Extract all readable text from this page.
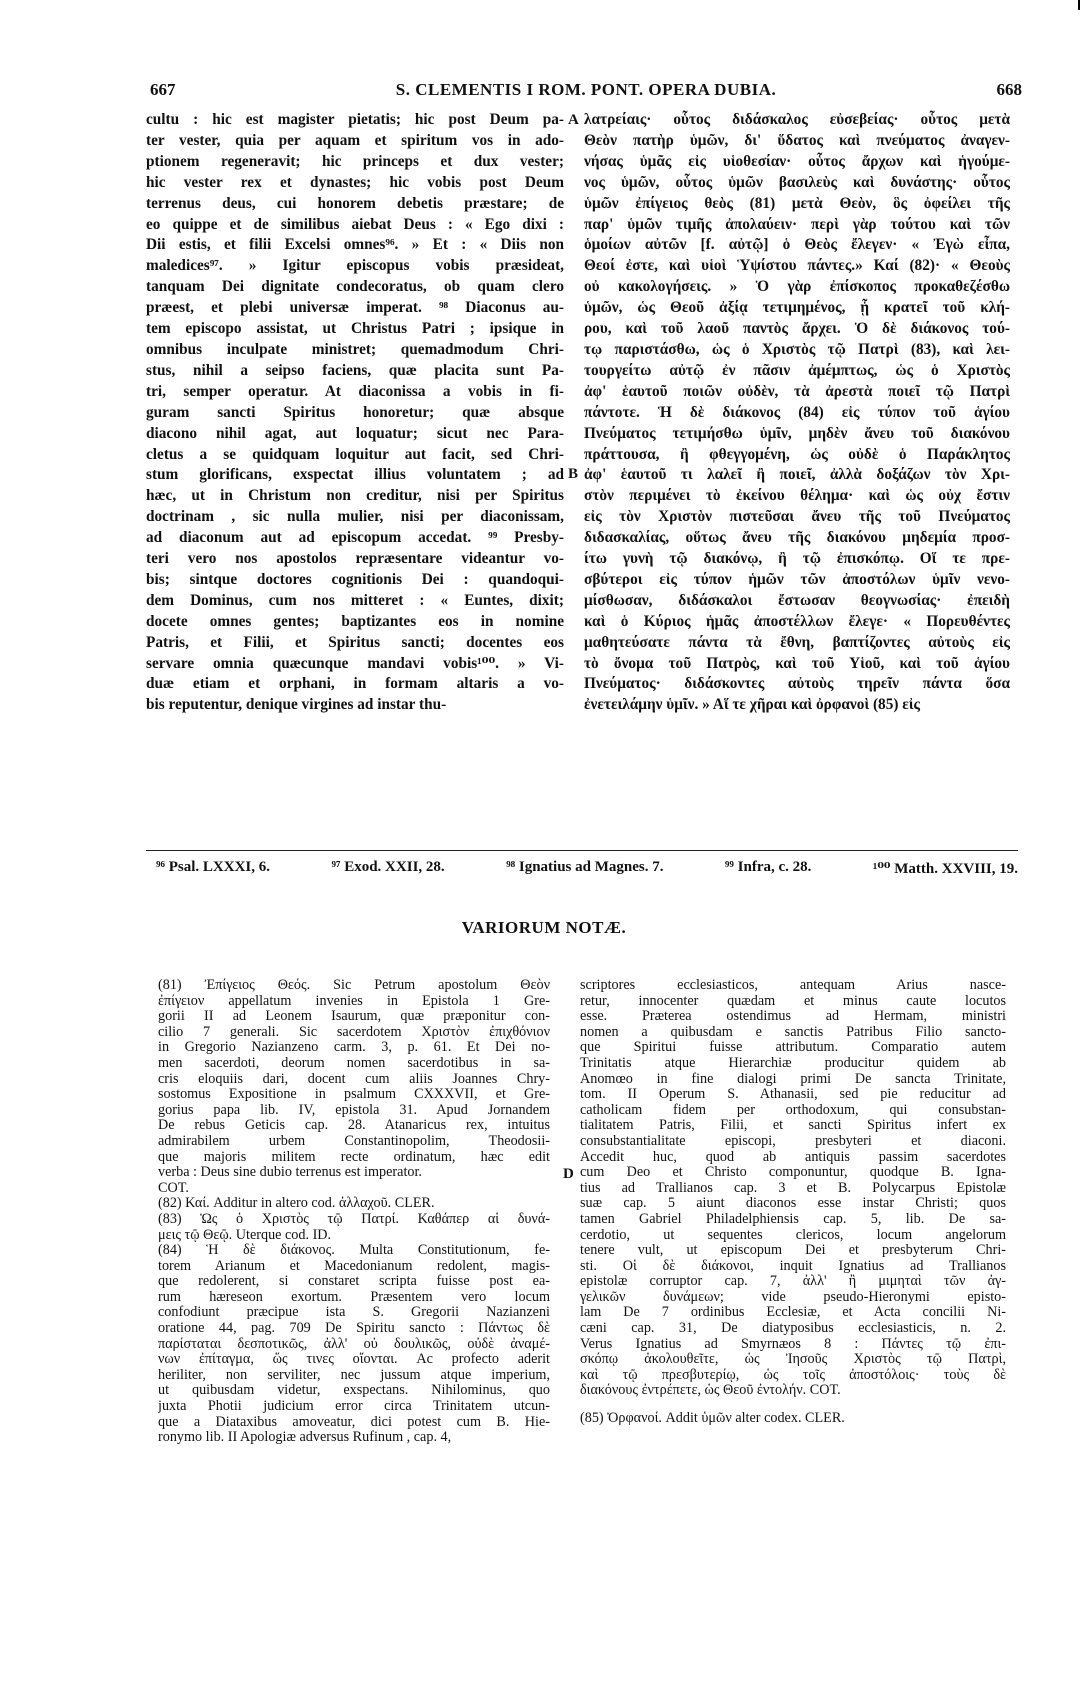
667	S. CLEMENTIS I ROM. PONT. OPERA DUBIA.	668
A
B
D
cultu : hic est magister pietatis; hic post Deum pa-
ter vester, quia per aquam et spiritum vos in ado-
ptionem regeneravit; hic princeps et dux vester;
hic vester rex et dynastes; hic vobis post Deum
terrenus deus, cui honorem debetis præstare; de
eo quippe et de similibus aiebat Deus : « Ego dixi :
Dii estis, et filii Excelsi omnes⁹⁶. » Et : « Diis non
maledices⁹⁷. » Igitur episcopus vobis præsideat,
tanquam Dei dignitate condecoratus, ob quam clero
præest, et plebi universæ imperat. ⁹⁸ Diaconus au-
tem episcopo assistat, ut Christus Patri ; ipsique in
omnibus inculpate ministret; quemadmodum Chri-
stus, nihil a seipso faciens, quæ placita sunt Pa-
tri, semper operatur. At diaconissa a vobis in fi-
guram sancti Spiritus honoretur; quæ absque
diacono nihil agat, aut loquatur; sicut nec Para-
cletus a se quidquam loquitur aut facit, sed Chri-
stum glorificans, exspectat illius voluntatem ; ad
hæc, ut in Christum non creditur, nisi per Spiritus
doctrinam , sic nulla mulier, nisi per diaconissam,
ad diaconum aut ad episcopum accedat. ⁹⁹ Presby-
teri vero nos apostolos repræsentare videantur vo-
bis; sintque doctores cognitionis Dei : quandoqui-
dem Dominus, cum nos mitteret : « Euntes, dixit;
docete omnes gentes; baptizantes eos in nomine
Patris, et Filii, et Spiritus sancti; docentes eos
servare omnia quæcunque mandavi vobis¹⁰⁰. » Vi-
duæ etiam et orphani, in formam altaris a vo-
bis reputentur, denique virgines ad instar thu-
λατρείαις· οὗτος διδάσκαλος εὐσεβείας· οὗτος μετὰ
Θεὸν πατὴρ ὑμῶν, δι' ὕδατος καὶ πνεύματος ἀναγεν-
νήσας ὑμᾶς εἰς υἱοθεσίαν· οὗτος ἄρχων καὶ ἡγούμε-
νος ὑμῶν, οὗτος ὑμῶν βασιλεὺς καὶ δυνάστης· οὗτος
ὑμῶν ἐπίγειος θεὸς (81) μετὰ Θεὸν, ὃς ὀφείλει τῆς
παρ' ὑμῶν τιμῆς ἀπολαύειν· περὶ γὰρ τούτου καὶ τῶν
ὁμοίων αὐτῶν [f. αὐτῷ] ὁ Θεὸς ἔλεγεν· « Ἐγὼ εἶπα,
Θεοί ἐστε, καὶ υἱοὶ Ὑψίστου πάντες.» Καί (82)· « Θεοὺς
οὐ κακολογήσεις. » Ὁ γὰρ ἐπίσκοπος προκαθεζέσθω
ὑμῶν, ὡς Θεοῦ ἀξίᾳ τετιμημένος, ᾗ κρατεῖ τοῦ κλή-
ρου, καὶ τοῦ λαοῦ παντὸς ἄρχει. Ὁ δὲ διάκονος τού-
τῳ παριστάσθω, ὡς ὁ Χριστὸς τῷ Πατρὶ (83), καὶ λει-
τουργείτω αὐτῷ ἐν πᾶσιν ἀμέμπτως, ὡς ὁ Χριστὸς
ἀφ' ἑαυτοῦ ποιῶν οὐδὲν, τὰ ἀρεστὰ ποιεῖ τῷ Πατρὶ
πάντοτε. Ἡ δὲ διάκονος (84) εἰς τύπον τοῦ ἁγίου
Πνεύματος τετιμήσθω ὑμῖν, μηδὲν ἄνευ τοῦ διακόνου
πράττουσα, ἢ φθεγγομένη, ὡς οὐδὲ ὁ Παράκλητος
ἀφ' ἑαυτοῦ τι λαλεῖ ἢ ποιεῖ, ἀλλὰ δοξάζων τὸν Χρι-
στὸν περιμένει τὸ ἐκείνου θέλημα· καὶ ὡς οὐχ ἔστιν
εἰς τὸν Χριστὸν πιστεῦσαι ἄνευ τῆς τοῦ Πνεύματος
διδασκαλίας, οὕτως ἄνευ τῆς διακόνου μηδεμία προσ-
ίτω γυνὴ τῷ διακόνῳ, ἢ τῷ ἐπισκόπῳ. Οἵ τε πρε-
σβύτεροι εἰς τύπον ἡμῶν τῶν ἀποστόλων ὑμῖν νενο-
μίσθωσαν, διδάσκαλοι ἔστωσαν θεογνωσίας· ἐπειδὴ
καὶ ὁ Κύριος ἡμᾶς ἀποστέλλων ἔλεγε· « Πορευθέντες
μαθητεύσατε πάντα τὰ ἔθνη, βαπτίζοντες αὐτοὺς εἰς
τὸ ὄνομα τοῦ Πατρὸς, καὶ τοῦ Υἱοῦ, καὶ τοῦ ἁγίου
Πνεύματος· διδάσκοντες αὐτοὺς τηρεῖν πάντα ὅσα
ἐνετειλάμην ὑμῖν. » Αἵ τε χῆραι καὶ ὀρφανοὶ (85) εἰς
⁹⁶ Psal. LXXXI, 6.	⁹⁷ Exod. XXII, 28.	⁹⁸ Ignatius ad Magnes. 7.	⁹⁹ Infra, c. 28.	¹⁰⁰ Matth. XXVIII, 19.
VARIORUM NOTÆ.
(81) Ἐπίγειος Θεός. Sic Petrum apostolum Θεὸν
ἐπίγειον appellatum invenies in Epistola 1 Gre-
gorii II ad Leonem Isaurum, quæ præponitur con-
cilio 7 generali. Sic sacerdotem Χριστὸν ἐπιχθόνιον
in Gregorio Nazianzeno carm. 3, p. 61. Et Dei no-
men sacerdoti, deorum nomen sacerdotibus in sa-
cris eloquiis dari, docent cum aliis Joannes Chry-
sostomus Expositione in psalmum CXXXVII, et Gre-
gorius papa lib. IV, epistola 31. Apud Jornandem
De rebus Geticis cap. 28. Atanaricus rex, intuitus
admirabilem urbem Constantinopolim, Theodosii-
que majoris militem recte ordinatum, hæc edit
verba : Deus sine dubio terrenus est imperator.
COT.
(82) Καί. Additur in altero cod. ἀλλαχοῦ. CLER.
(83) Ὡς ὁ Χριστὸς τῷ Πατρί. Καθάπερ αἱ δυνά-
μεις τῷ Θεῷ. Uterque cod. ID.
(84) Ἡ δὲ διάκονος. Multa Constitutionum, fe-
torem Arianum et Macedonianum redolent, magis-
que redolerent, si constaret scripta fuisse post ea-
rum hæreseon exortum. Præsentem vero locum
confodiunt præcipue ista S. Gregorii Nazianzeni
oratione 44, pag. 709 De Spiritu sancto : Πάντως δὲ
παρίσταται δεσποτικῶς, ἀλλ' οὐ δουλικῶς, οὐδὲ ἀναμέ-
νων ἐπίταγμα, ὥς τινες οἴονται. Ac profecto aderit
heriliter, non serviliter, nec jussum atque imperium,
ut quibusdam videtur, exspectans. Nihilominus, quo
juxta Photii judicium error circa Trinitatem utcun-
que a Diataxibus amoveatur, dici potest cum B. Hie-
ronymo lib. II Apologiæ adversus Rufinum , cap. 4,
scriptores ecclesiasticos, antequam Arius nasce-
retur, innocenter quædam et minus caute locutos
esse. Præterea ostendimus ad Hermam, ministri
nomen a quibusdam e sanctis Patribus Filio sancto-
que Spiritui fuisse attributum. Comparatio autem
Trinitatis atque Hierarchiæ producitur quidem ab
Anomœo in fine dialogi primi De sancta Trinitate,
tom. II Operum S. Athanasii, sed pie reducitur ad
catholicam fidem per orthodoxum, qui consubstan-
tialitatem Patris, Filii, et sancti Spiritus infert ex
consubstantialitate episcopi, presbyteri et diaconi.
Accedit huc, quod ab antiquis passim sacerdotes
cum Deo et Christo componuntur, quodque B. Igna-
tius ad Trallianos cap. 3 et B. Polycarpus Epistolæ
suæ cap. 5 aiunt diaconos esse instar Christi; quos
tamen Gabriel Philadelphiensis cap. 5, lib. De sa-
cerdotio, ut sequentes clericos, locum angelorum
tenere vult, ut episcopum Dei et presbyterum Chri-
sti. Οἱ δὲ διάκονοι, inquit Ignatius ad Trallianos
epistolæ corruptor cap. 7, ἀλλ' ἢ μιμηταὶ τῶν ἀγ-
γελικῶν δυνάμεων; vide pseudo-Hieronymi episto-
lam De 7 ordinibus Ecclesiæ, et Acta concilii Ni-
cæni cap. 31, De diatyposibus ecclesiasticis, n. 2.
Verus Ignatius ad Smyrnæos 8 : Πάντες τῷ ἐπι-
σκόπῳ ἀκολουθεῖτε, ὡς Ἰησοῦς Χριστὸς τῷ Πατρὶ,
καὶ τῷ πρεσβυτερίῳ, ὡς τοῖς ἀποστόλοις· τοὺς δὲ
διακόνους ἐντρέπετε, ὡς Θεοῦ ἐντολήν. COT.
(85) Ὀρφανοί. Addit ὑμῶν alter codex. CLER.
